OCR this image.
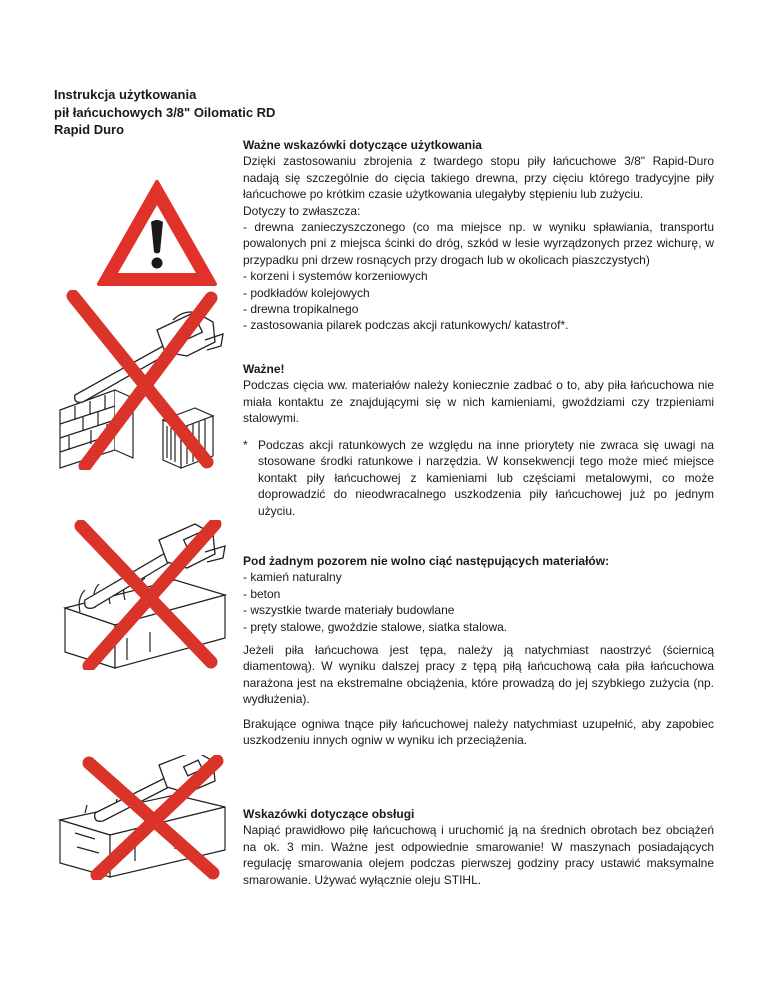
Instrukcja użytkowania
pił łańcuchowych 3/8" Oilomatic RD
Rapid Duro
Ważne wskazówki dotyczące użytkowania

Dzięki zastosowaniu zbrojenia z twardego stopu piły łańcuchowe 3/8" Rapid-Duro nadają się szczególnie do cięcia takiego drewna, przy cięciu którego tradycyjne piły łańcuchowe po krótkim czasie użytkowania ulegałyby stępieniu lub zużyciu.

Dotyczy to zwłaszcza:

- drewna zanieczyszczonego (co ma miejsce np. w wyniku spławiania, transportu powalonych pni z miejsca ścinki do dróg, szkód w lesie wyrządzonych przez wichurę, w przypadku pni drzew rosnących przy drogach lub w okolicach piaszczystych)

- korzeni i systemów korzeniowych
- podkładów kolejowych
- drewna tropikalnego
- zastosowania pilarek podczas akcji ratunkowych/ katastrof*.
Ważne!

Podczas cięcia ww. materiałów należy koniecznie zadbać o to, aby piła łańcuchowa nie miała kontaktu ze znajdującymi się w nich kamieniami, gwoździami czy trzpieniami stalowymi.

* Podczas akcji ratunkowych ze względu na inne priorytety nie zwraca się uwagi na stosowane środki ratunkowe i narzędzia. W konsekwencji tego może mieć miejsce kontakt piły łańcuchowej z kamieniami lub częściami metalowymi, co może doprowadzić do nieodwracalnego uszkodzenia piły łańcuchowej już po jednym użyciu.
Pod żadnym pozorem nie wolno ciąć następujących materiałów:
- kamień naturalny
- beton
- wszystkie twarde materiały budowlane
- pręty stalowe, gwoździe stalowe, siatka stalowa.

Jeżeli piła łańcuchowa jest tępa, należy ją natychmiast naostrzyć (ściernicą diamentową). W wyniku dalszej pracy z tępą piłą łańcuchową cała piła łańcuchowa narażona jest na ekstremalne obciążenia, które prowadzą do jej szybkiego zużycia (np. wydłużenia).

Brakujące ogniwa tnące piły łańcuchowej należy natychmiast uzupełnić, aby zapobiec uszkodzeniu innych ogniw w wyniku ich przeciążenia.

Wskazówki dotyczące obsługi

Napiąć prawidłowo piłę łańcuchową i uruchomić ją na średnich obrotach bez obciążeń na ok. 3 min. Ważne jest odpowiednie smarowanie! W maszynach posiadających regulację smarowania olejem podczas pierwszej godziny pracy ustawić maksymalne smarowanie. Używać wyłącznie oleju STIHL.
